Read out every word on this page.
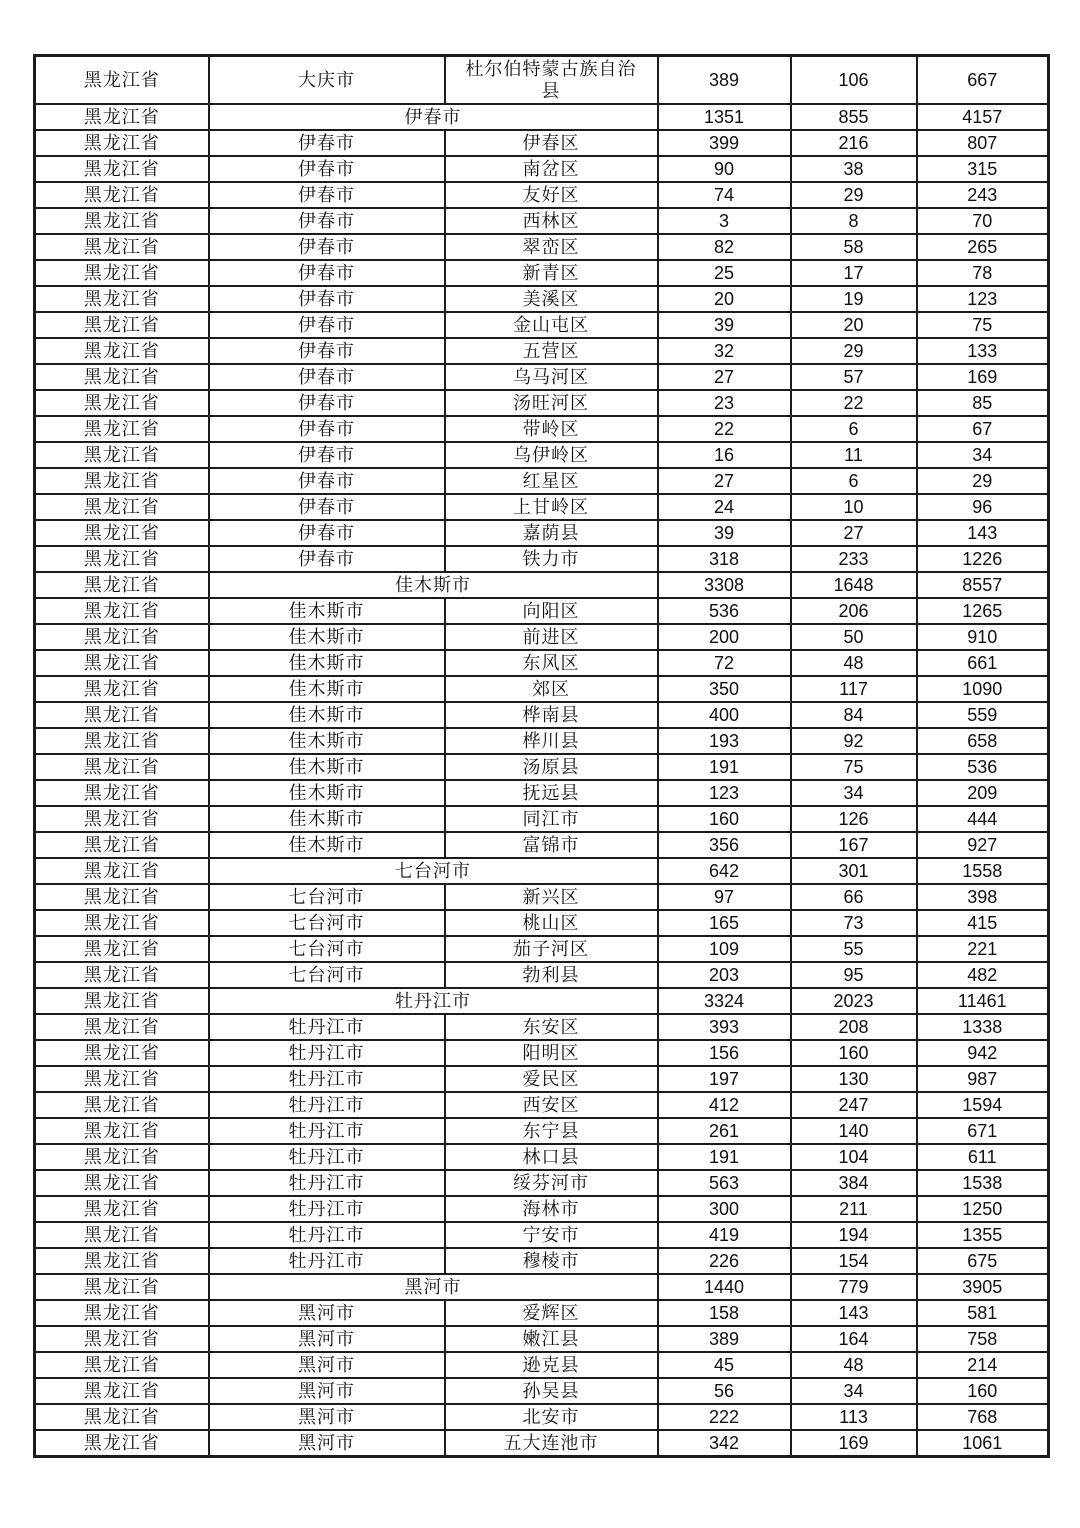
黑龙江省	大庆市	杜尔伯特蒙古族自治县	389	106	667
黑龙江省	伊春市		1351	855	4157
黑龙江省	伊春市	伊春区	399	216	807
黑龙江省	伊春市	南岔区	90	38	315
黑龙江省	伊春市	友好区	74	29	243
黑龙江省	伊春市	西林区	3	8	70
黑龙江省	伊春市	翠峦区	82	58	265
黑龙江省	伊春市	新青区	25	17	78
黑龙江省	伊春市	美溪区	20	19	123
黑龙江省	伊春市	金山屯区	39	20	75
黑龙江省	伊春市	五营区	32	29	133
黑龙江省	伊春市	乌马河区	27	57	169
黑龙江省	伊春市	汤旺河区	23	22	85
黑龙江省	伊春市	带岭区	22	6	67
黑龙江省	伊春市	乌伊岭区	16	11	34
黑龙江省	伊春市	红星区	27	6	29
黑龙江省	伊春市	上甘岭区	24	10	96
黑龙江省	伊春市	嘉荫县	39	27	143
黑龙江省	伊春市	铁力市	318	233	1226
黑龙江省	佳木斯市		3308	1648	8557
黑龙江省	佳木斯市	向阳区	536	206	1265
黑龙江省	佳木斯市	前进区	200	50	910
黑龙江省	佳木斯市	东风区	72	48	661
黑龙江省	佳木斯市	郊区	350	117	1090
黑龙江省	佳木斯市	桦南县	400	84	559
黑龙江省	佳木斯市	桦川县	193	92	658
黑龙江省	佳木斯市	汤原县	191	75	536
黑龙江省	佳木斯市	抚远县	123	34	209
黑龙江省	佳木斯市	同江市	160	126	444
黑龙江省	佳木斯市	富锦市	356	167	927
黑龙江省	七台河市		642	301	1558
黑龙江省	七台河市	新兴区	97	66	398
黑龙江省	七台河市	桃山区	165	73	415
黑龙江省	七台河市	茄子河区	109	55	221
黑龙江省	七台河市	勃利县	203	95	482
黑龙江省	牡丹江市		3324	2023	11461
黑龙江省	牡丹江市	东安区	393	208	1338
黑龙江省	牡丹江市	阳明区	156	160	942
黑龙江省	牡丹江市	爱民区	197	130	987
黑龙江省	牡丹江市	西安区	412	247	1594
黑龙江省	牡丹江市	东宁县	261	140	671
黑龙江省	牡丹江市	林口县	191	104	611
黑龙江省	牡丹江市	绥芬河市	563	384	1538
黑龙江省	牡丹江市	海林市	300	211	1250
黑龙江省	牡丹江市	宁安市	419	194	1355
黑龙江省	牡丹江市	穆棱市	226	154	675
黑龙江省	黑河市		1440	779	3905
黑龙江省	黑河市	爱辉区	158	143	581
黑龙江省	黑河市	嫩江县	389	164	758
黑龙江省	黑河市	逊克县	45	48	214
黑龙江省	黑河市	孙吴县	56	34	160
黑龙江省	黑河市	北安市	222	113	768
黑龙江省	黑河市	五大连池市	342	169	1061
